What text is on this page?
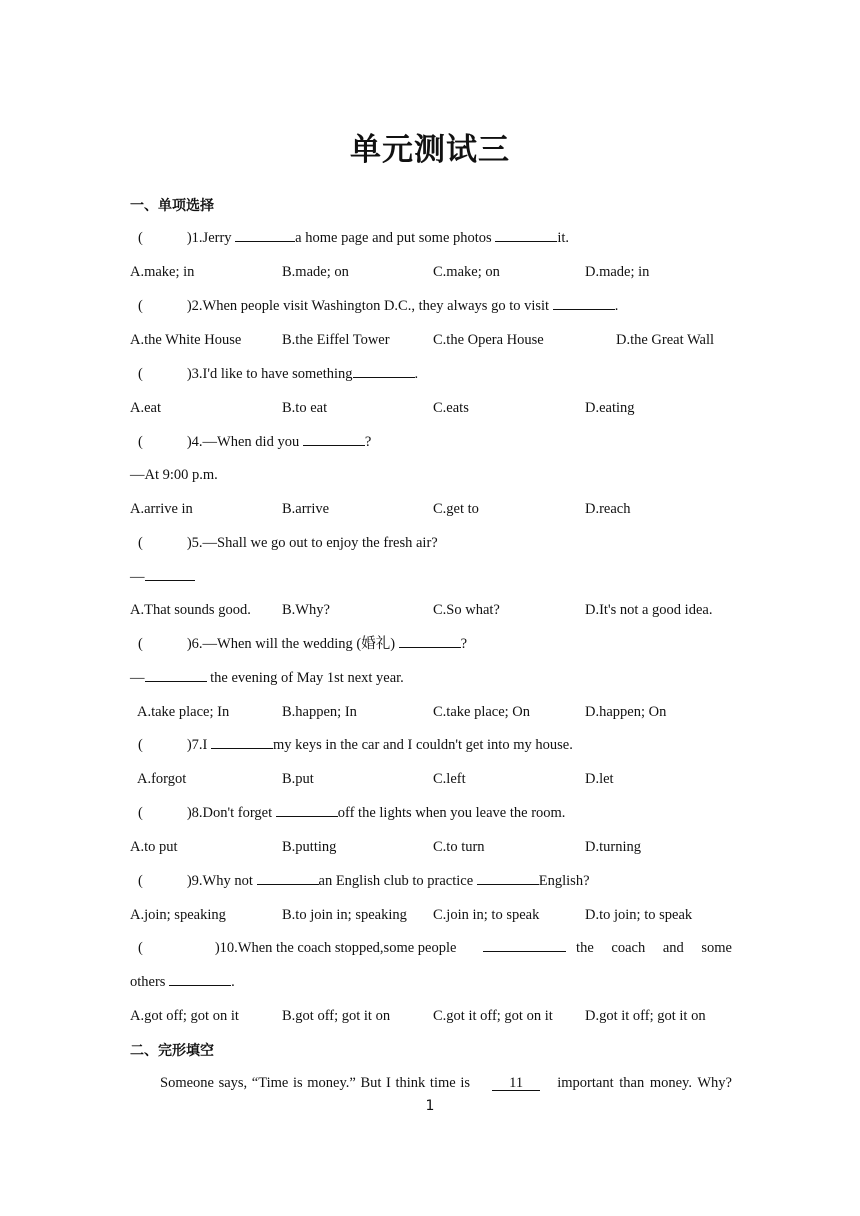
单元测试三
一、单项选择
(	)1.Jerry	a home page and put some photos	it.
A.make; in	B.made; on	C.make; on	D.made; in
(	)2.When people visit Washington D.C., they always go to visit	.
A.the White House	B.the Eiffel Tower	C.the Opera House	D.the Great Wall
(	)3.I'd like to have something	.
A.eat	B.to eat	C.eats	D.eating
(	)4.—When did you	?
—At 9:00 p.m.
A.arrive in	B.arrive	C.get to	D.reach
(	)5.—Shall we go out to enjoy the fresh air?
—
A.That sounds good. B.Why?	C.So what?	D.It's not a good idea.
(	)6.—When will the wedding (婚礼)	?
—	the evening of May 1st next year.
A.take place; In	B.happen; In	C.take place; On	D.happen; On
(	)7.I	my keys in the car and I couldn't get into my house.
A.forgot	B.put	C.left	D.let
(	)8.Don't forget	off the lights when you leave the room.
A.to put	B.putting	C.to turn	D.turning
(	)9.Why not	an English club to practice	English?
A.join; speaking	B.to join in; speaking C.join in; to speak	D.to join; to speak
(	)10.When the coach stopped,some people	the coach and some
others	.
A.got off; got on it	B.got off; got it on	C.got it off; got on it D.got it off; got it on
二、完形填空
Someone says, “Time is money.” But I think time is	11	important than money. Why?
1
